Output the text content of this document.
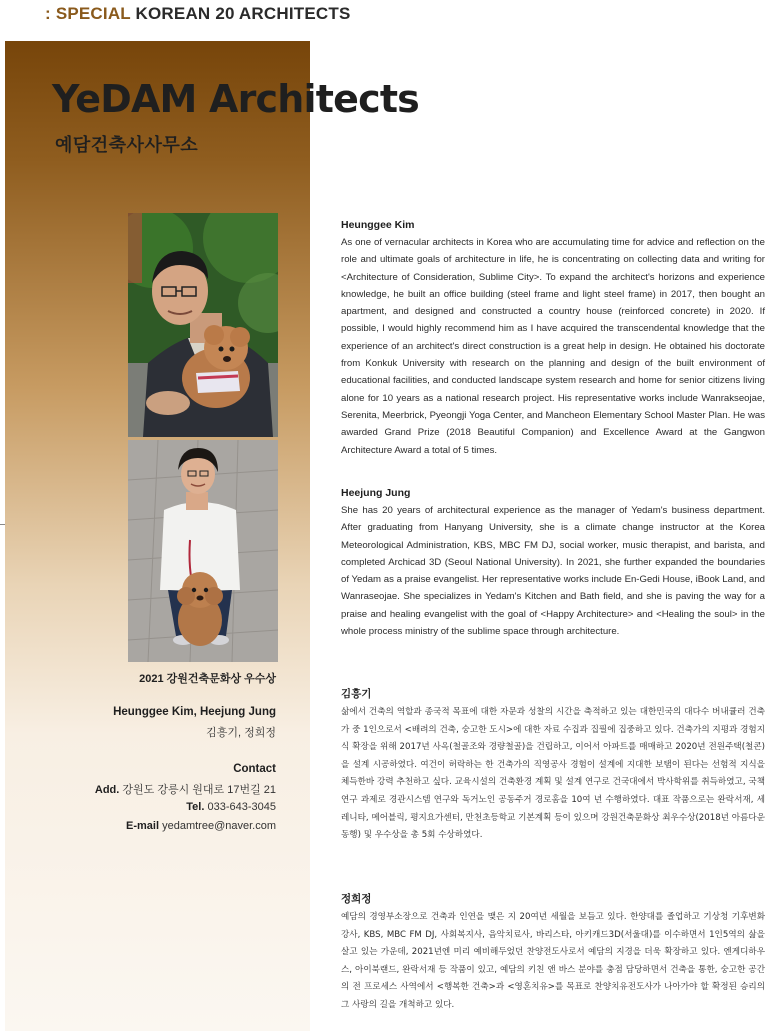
: SPECIAL KOREAN 20 ARCHITECTS
YeDAM Architects
예담건축사사무소
2021 강원건축문화상 우수상
Heunggee Kim, Heejung Jung
김흥기, 정희정
Contact
Add. 강원도 강릉시 원대로 17번길 21
Tel. 033-643-3045
E-mail yedamtree@naver.com
Heunggee Kim

As one of vernacular architects in Korea who are accumulating time for advice and reflection on the role and ultimate goals of architecture in life, he is concentrating on collecting data and writing for <Architecture of Consideration, Sublime City>. To expand the architect's horizons and experience knowledge, he built an office building (steel frame and light steel frame) in 2017, then bought an apartment, and designed and constructed a country house (reinforced concrete) in 2020. If possible, I would highly recommend him as I have acquired the transcendental knowledge that the experience of an architect's direct construction is a great help in design. He obtained his doctorate from Konkuk University with research on the planning and design of the built environment of educational facilities, and conducted landscape system research and home for senior citizens living alone for 10 years as a national research project. His representative works include Wanrakseojae, Serenita, Meerbrick, Pyeongji Yoga Center, and Mancheon Elementary School Master Plan. He was awarded Grand Prize (2018 Beautiful Companion) and Excellence Award at the Gangwon Architecture Award a total of 5 times.

Heejung Jung

She has 20 years of architectural experience as the manager of Yedam's business department. After graduating from Hanyang University, she is a climate change instructor at the Korea Meteorological Administration, KBS, MBC FM DJ, social worker, music therapist, and barista, and completed Archicad 3D (Seoul National University). In 2021, she further expanded the boundaries of Yedam as a praise evangelist. Her representative works include En-Gedi House, iBook Land, and Wanraseojae. She specializes in Yedam's Kitchen and Bath field, and she is paving the way for a praise and healing evangelist with the goal of <Happy Architecture> and <Healing the soul> in the whole process ministry of the sublime space through architecture.

김흥기

삶에서 건축의 역할과 종국적 목표에 대한 자문과 성찰의 시간을 축적하고 있는 대한민국의 대다수 버내큘러 건축가 중 1인으로서 <배려의 건축, 숭고한 도시>에 대한 자료 수집과 집필에 집중하고 있다. 건축가의 지평과 경험지식 확장을 위해 2017년 사옥(철골조와 경량철골)을 건립하고, 이어서 아파트를 매매하고 2020년 전원주택(철콘)을 설계 시공하였다. 여건이 허락하는 한 건축가의 직영공사 경험이 설계에 지대한 보탬이 된다는 선험적 지식을 체득한바 강력 추천하고 싶다. 교육시설의 건축환경 계획 및 설계 연구로 건국대에서 박사학위를 취득하였고, 국책연구 과제로 경관시스템 연구와 독거노인 공동주거 경로홈을 10여 년 수행하였다. 대표 작품으로는 완락서재, 세레니타, 메어블릭, 평지요가센터, 만천초등학교 기본계획 등이 있으며 강원건축문화상 최우수상(2018년 아름다운 동행) 및 우수상을 총 5회 수상하였다.

정희정

예담의 경영부소장으로 건축과 인연을 맺은 지 20여년 세월을 보듬고 있다. 한양대를 졸업하고 기상청 기후변화 강사, KBS, MBC FM DJ, 사회복지사, 음악치료사, 바리스타, 아키캐드3D(서울대)를 이수하면서 1인5역의 삶을 살고 있는 가운데, 2021년엔 미리 예비해두었던 찬양전도사로서 예담의 지경을 더욱 확장하고 있다. 엔게디하우스, 아이북랜드, 완락서재 등 작품이 있고, 예담의 키친 앤 바스 분야를 충점 담당하면서 건축을 통한, 숭고한 공간의 전 프로세스 사역에서 <행복한 건축>과 <영혼치유>를 목표로 찬양치유전도사가 나아가야 할 확정된 승리의 그 사랑의 길을 개척하고 있다.
